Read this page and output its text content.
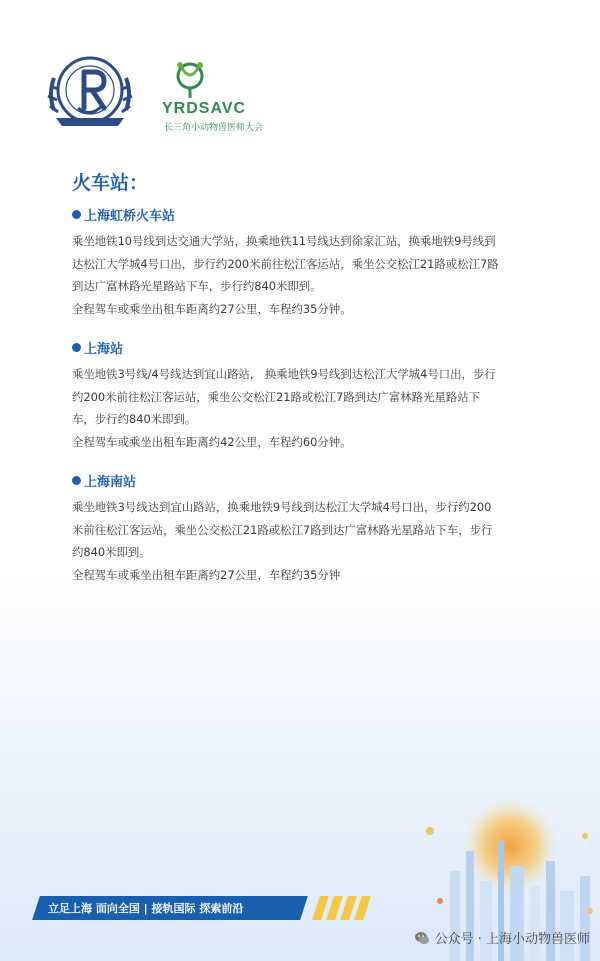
YRDSAVC
长三角小动物兽医师大会
火车站：
上海虹桥火车站

乘坐地铁10号线到达交通大学站，换乘地铁11号线达到徐家汇站，换乘地铁9号线到

达松江大学城4号口出，步行约200米前往松江客运站，乘坐公交松江21路或松江7路

到达广富林路光星路站下车，步行约840米即到。

全程驾车或乘坐出租车距离约27公里，车程约35分钟。

上海站

乘坐地铁3号线/4号线达到宜山路站， 换乘地铁9号线到达松江大学城4号口出，步行

约200米前往松江客运站，乘坐公交松江21路或松江7路到达广富林路光星路站下

车，步行约840米即到。

全程驾车或乘坐出租车距离约42公里，车程约60分钟。

上海南站

乘坐地铁3号线达到宜山路站，换乘地铁9号线到达松江大学城4号口出，步行约200

米前往松江客运站，乘坐公交松江21路或松江7路到达广富林路光星路站下车，步行

约840米即到。

全程驾车或乘坐出租车距离约27公里，车程约35分钟

立足上海 面向全国 | 接轨国际 探索前沿
公众号 · 上海小动物兽医师
